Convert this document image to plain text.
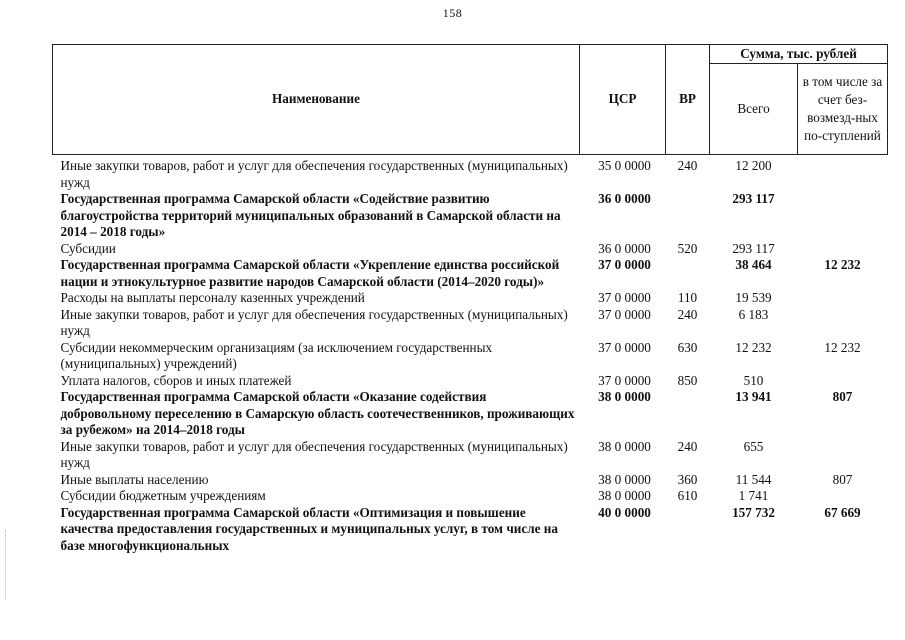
158
Наименование	ЦСР	ВР	Сумма, тыс. рублей	
			Всего	в том числе за счет без-возмезд-ных по-ступлений

Иные закупки товаров, работ и услуг для обеспечения государственных (муниципальных) нужд	35 0 0000	240	12 200	
Государственная программа Самарской области «Содействие развитию благоустройства территорий муниципальных образований в Самарской области на 2014 – 2018 годы»	36 0 0000		293 117	
Субсидии	36 0 0000	520	293 117	
Государственная программа Самарской области «Укрепление единства российской нации и этнокультурное развитие народов Самарской области (2014–2020 годы)»	37 0 0000		38 464	12 232
Расходы на выплаты персоналу казенных учреждений	37 0 0000	110	19 539	
Иные закупки товаров, работ и услуг для обеспечения государственных (муниципальных) нужд	37 0 0000	240	6 183	
Субсидии некоммерческим организациям (за исключением государственных (муниципальных) учреждений)	37 0 0000	630	12 232	12 232
Уплата налогов, сборов и иных платежей	37 0 0000	850	510	
Государственная программа Самарской области «Оказание содействия добровольному переселению в Самарскую область соотечественников, проживающих за рубежом» на 2014–2018 годы	38 0 0000		13 941	807
Иные закупки товаров, работ и услуг для обеспечения государственных (муниципальных) нужд	38 0 0000	240	655	
Иные выплаты населению	38 0 0000	360	11 544	807
Субсидии бюджетным учреждениям	38 0 0000	610	1 741	
Государственная программа Самарской области «Оптимизация и повышение качества предоставления государственных и муниципальных услуг, в том числе на базе многофункциональных	40 0 0000		157 732	67 669
